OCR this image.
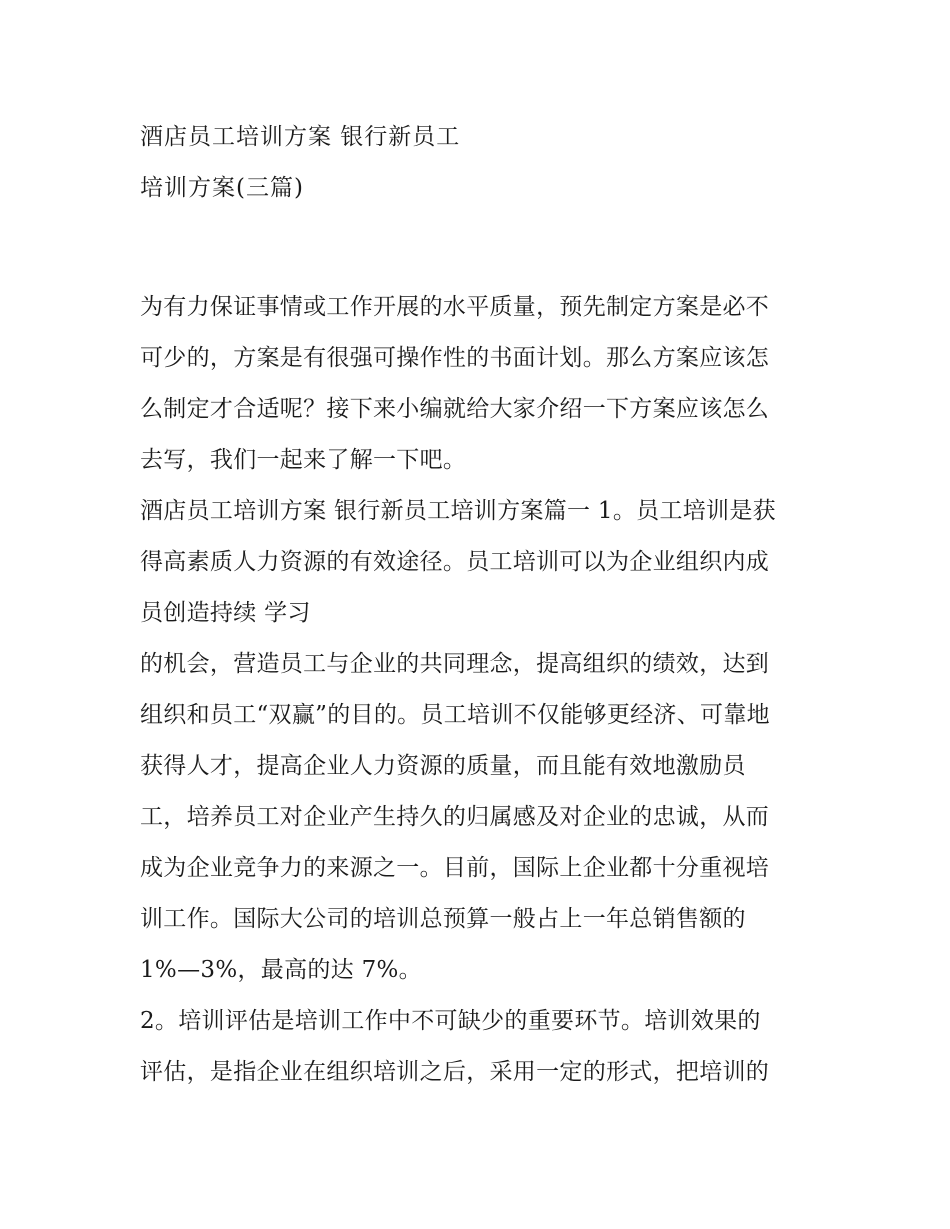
酒店员工培训方案 银行新员工
培训方案(三篇)
为有力保证事情或工作开展的水平质量，预先制定方案是必不
可少的，方案是有很强可操作性的书面计划。那么方案应该怎
么制定才合适呢？接下来小编就给大家介绍一下方案应该怎么
去写，我们一起来了解一下吧。
酒店员工培训方案 银行新员工培训方案篇一 1。员工培训是获
得高素质人力资源的有效途径。员工培训可以为企业组织内成
员创造持续 学习
的机会，营造员工与企业的共同理念，提高组织的绩效，达到
组织和员工“双赢”的目的。员工培训不仅能够更经济、可靠地
获得人才，提高企业人力资源的质量，而且能有效地激励员
工，培养员工对企业产生持久的归属感及对企业的忠诚，从而
成为企业竞争力的来源之一。目前，国际上企业都十分重视培
训工作。国际大公司的培训总预算一般占上一年总销售额的
1%—3%，最高的达 7%。
2。培训评估是培训工作中不可缺少的重要环节。培训效果的
评估，是指企业在组织培训之后，采用一定的形式，把培训的
